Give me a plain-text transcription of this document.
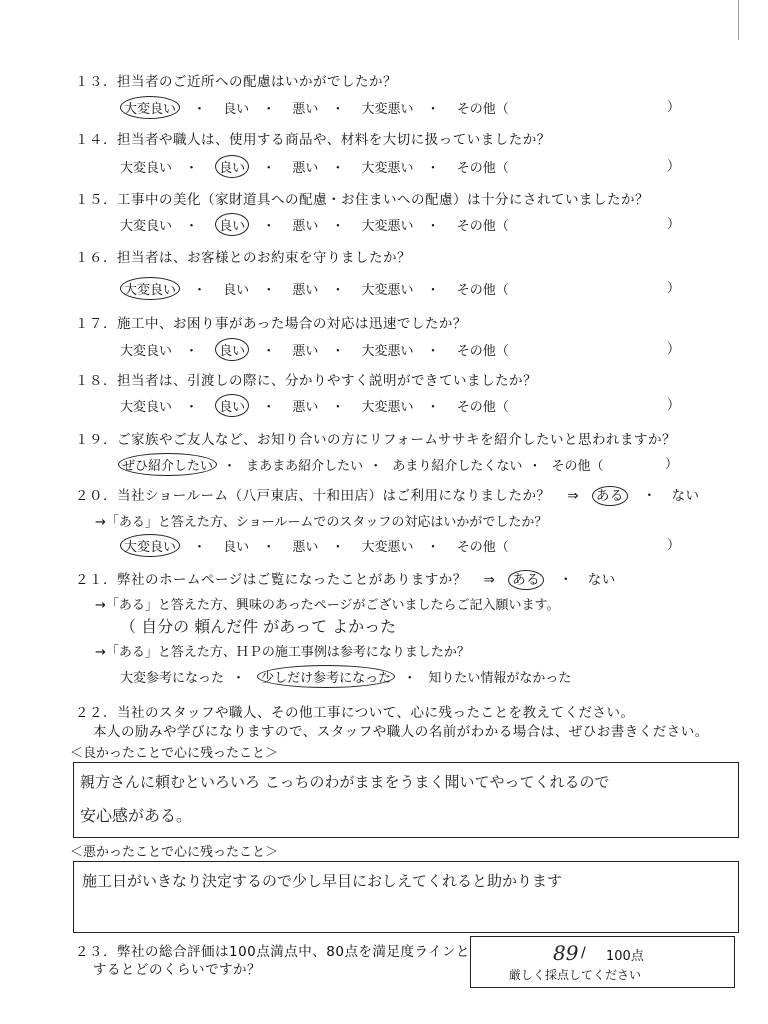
１３．担当者のご近所への配慮はいかがでしたか？
大変良い ・ 良い ・ 悪い ・ 大変悪い ・ その他（	）
１４．担当者や職人は、使用する商品や、材料を大切に扱っていましたか？
大変良い ・ 良い ・ 悪い ・ 大変悪い ・ その他（	）
１５．工事中の美化（家財道具への配慮・お住まいへの配慮）は十分にされていましたか？
大変良い ・ 良い ・ 悪い ・ 大変悪い ・ その他（	）
１６．担当者は、お客様とのお約束を守りましたか？
大変良い ・ 良い ・ 悪い ・ 大変悪い ・ その他（	）
１７．施工中、お困り事があった場合の対応は迅速でしたか？
大変良い ・ 良い ・ 悪い ・ 大変悪い ・ その他（	）
１８．担当者は、引渡しの際に、分かりやすく説明ができていましたか？
大変良い ・ 良い ・ 悪い ・ 大変悪い ・ その他（	）
１９．ご家族やご友人など、お知り合いの方にリフォームササキを紹介したいと思われますか？
ぜひ紹介したい ・ まあまあ紹介したい ・ あまり紹介したくない ・ その他（	）
２０．当社ショールーム（八戸東店、十和田店）はご利用になりましたか？ ⇒ ある ・ ない
→「ある」と答えた方、ショールームでのスタッフの対応はいかがでしたか？
大変良い ・ 良い ・ 悪い ・ 大変悪い ・ その他（	）
２１．弊社のホームページはご覧になったことがありますか？ ⇒ ある ・ ない
→「ある」と答えた方、興味のあったページがございましたらご記入願います。
（ 自分の 頼んだ件 があって よかった
→「ある」と答えた方、ＨＰの施工事例は参考になりましたか？
大変参考になった ・ 少しだけ参考になった ・ 知りたい情報がなかった
２２．当社のスタッフや職人、その他工事について、心に残ったことを教えてください。
本人の励みや学びになりますので、スタッフや職人の名前がわかる場合は、ぜひお書きください。
＜良かったことで心に残ったこと＞
親方さんに頼むといろいろ こっちのわがままをうまく聞いてやってくれるので
安心感がある。
＜悪かったことで心に残ったこと＞
施工日がいきなり決定するので少し早目におしえてくれると助かります
２３．弊社の総合評価は100点満点中、80点を満足度ラインと
するとどのくらいですか？
89 / 100点
厳しく採点してください
